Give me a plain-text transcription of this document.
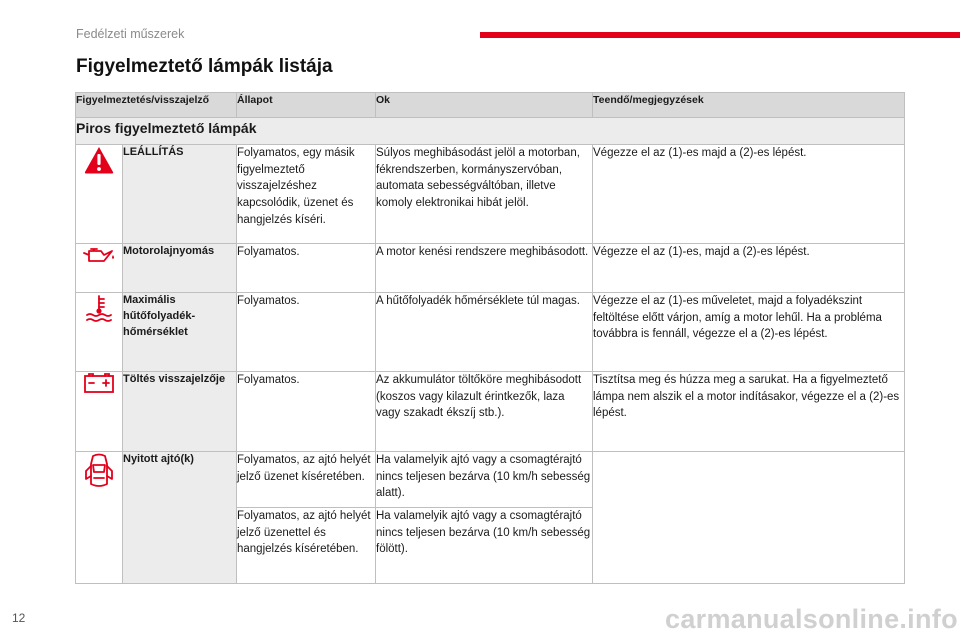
Fedélzeti műszerek
Figyelmeztető lámpák listája
Figyelmeztetés/visszajelző		Állapot	Ok	Teendő/megjegyzések
Piros figyelmeztető lámpák				

	LEÁLLÍTÁS	Folyamatos, egy másik figyelmeztető visszajelzéshez kapcsolódik, üzenet és hangjelzés kíséri.	Súlyos meghibásodást jelöl a motorban, fékrendszerben, kormányszervóban, automata sebességváltóban, illetve komoly elektronikai hibát jelöl.	Végezze el az (1)-es majd a (2)-es lépést.

	Motorolajnyomás	Folyamatos.	A motor kenési rendszere meghibásodott.	Végezze el az (1)-es, majd a (2)-es lépést.

	Maximális hűtőfolyadék-hőmérséklet	Folyamatos.	A hűtőfolyadék hőmérséklete túl magas.	Végezze el az (1)-es műveletet, majd a folyadékszint feltöltése előtt várjon, amíg a motor lehűl. Ha a probléma továbbra is fennáll, végezze el a (2)-es lépést.

	Töltés visszajelzője	Folyamatos.	Az akkumulátor töltőköre meghibásodott (koszos vagy kilazult érintkezők, laza vagy szakadt ékszíj stb.).	Tisztítsa meg és húzza meg a sarukat. Ha a figyelmeztető lámpa nem alszik el a motor indításakor, végezze el a (2)-es lépést.

	Nyitott ajtó(k)	Folyamatos, az ajtó helyét jelző üzenet kíséretében.	Ha valamelyik ajtó vagy a csomagtérajtó nincs teljesen bezárva (10 km/h sebesség alatt).	
		Folyamatos, az ajtó helyét jelző üzenettel és hangjelzés kíséretében.	Ha valamelyik ajtó vagy a csomagtérajtó nincs teljesen bezárva (10 km/h sebesség fölött).	
12	carmanualsonline.info
